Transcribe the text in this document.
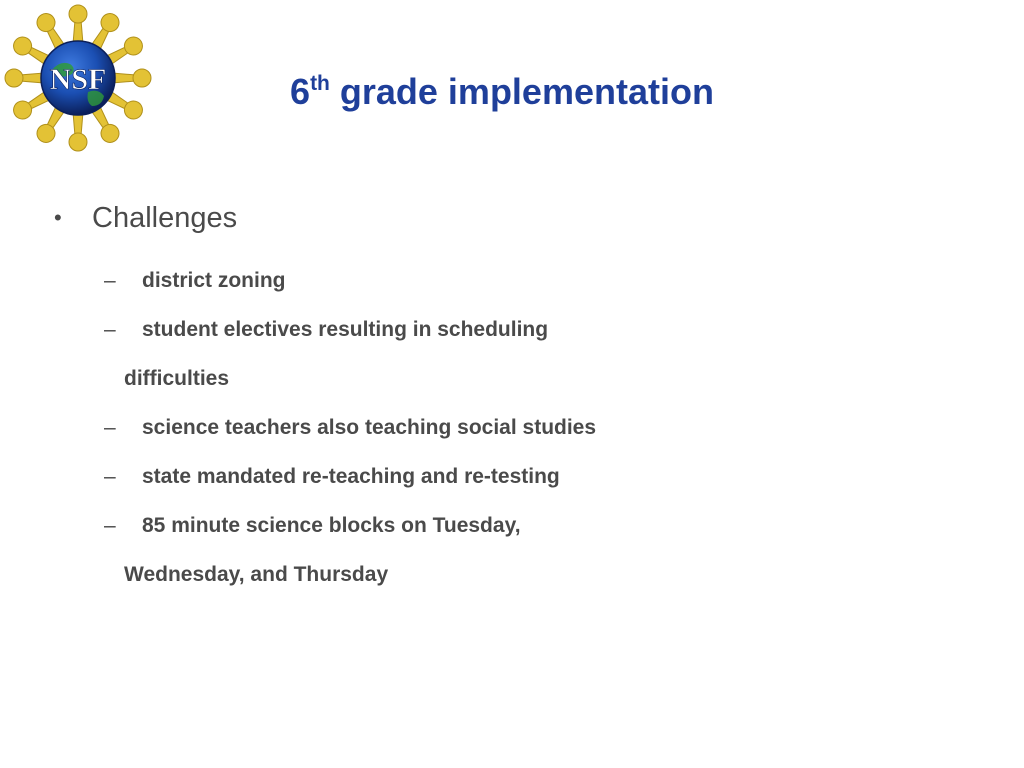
NSF	6th grade implementation
•	Challenges
– district zoning
– student electives resulting in scheduling
difficulties
– science teachers also teaching social studies
– state mandated re-teaching and re-testing
– 85 minute science blocks on Tuesday,
Wednesday, and Thursday
